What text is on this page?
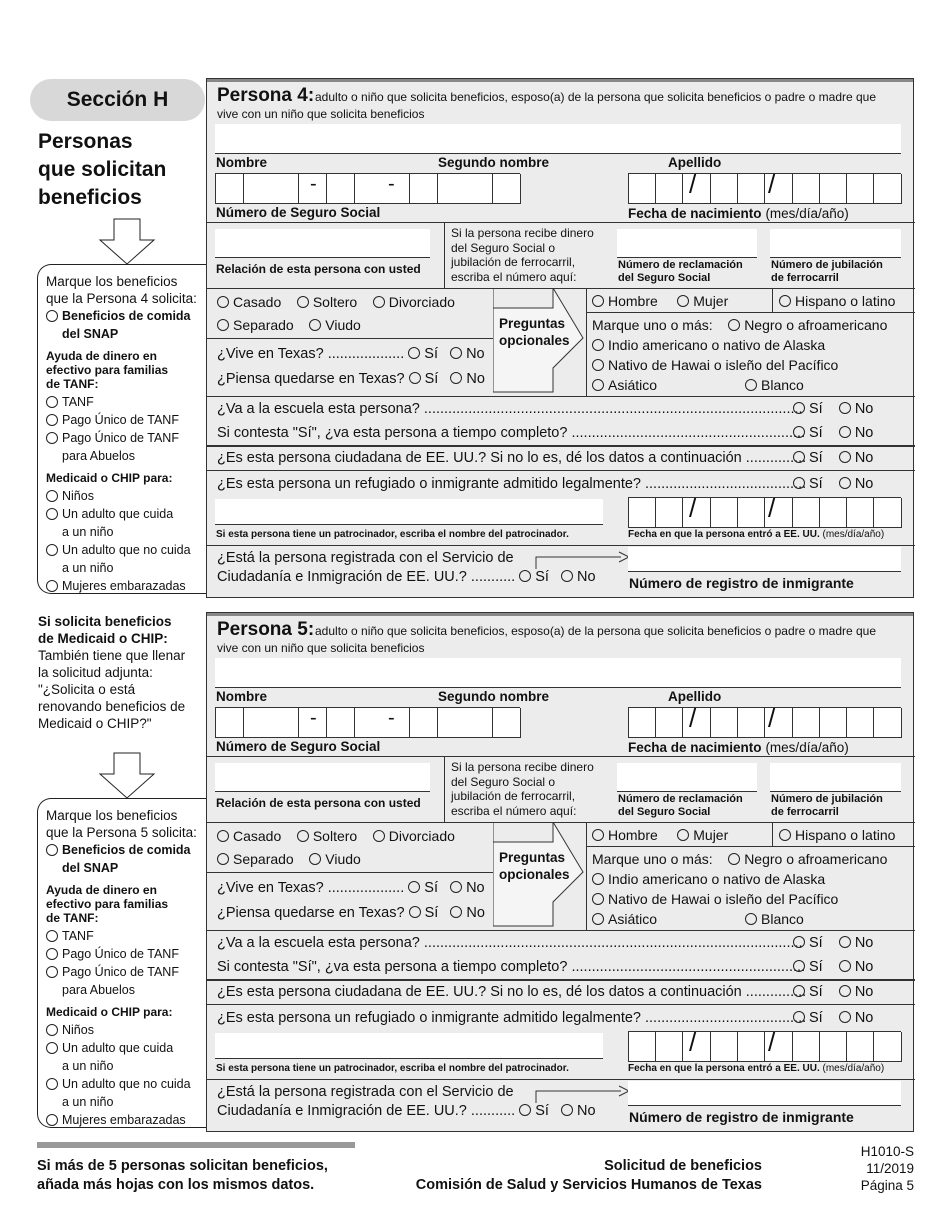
Sección H
Personas
que solicitan
beneficios
Marque los beneficios
que la Persona 4 solicita:
Beneficios de comida
del SNAP
Ayuda de dinero en
efectivo para familias
de TANF:
TANF
Pago Único de TANF
Pago Único de TANF
para Abuelos
Medicaid o CHIP para:
Niños
Un adulto que cuida
a un niño
Un adulto que no cuida
a un niño
Mujeres embarazadas
Si solicita beneficios
de Medicaid o CHIP:
También tiene que llenar
la solicitud adjunta:
"¿Solicita o está
renovando beneficios de
Medicaid o CHIP?"
Marque los beneficios
que la Persona 5 solicita:
Beneficios de comida
del SNAP
Ayuda de dinero en
efectivo para familias
de TANF:
TANF
Pago Único de TANF
Pago Único de TANF
para Abuelos
Medicaid o CHIP para:
Niños
Un adulto que cuida
a un niño
Un adulto que no cuida
a un niño
Mujeres embarazadas
Persona 4: adulto o niño que solicita beneficios, esposo(a) de la persona que solicita beneficios o padre o madre que
vive con un niño que solicita beneficios
Nombre	Segundo nombre	Apellido
-	-
Número de Seguro Social
/	/
Fecha de nacimiento (mes/día/año)
Relación de esta persona con usted
Si la persona recibe dinero
del Seguro Social o
jubilación de ferrocarril,
escriba el número aquí:
Número de reclamación
del Seguro Social
Número de jubilación
de ferrocarril
Casado Soltero Divorciado
Separado Viudo
¿Vive en Texas? ................... Sí No
¿Piensa quedarse en Texas? Sí No
Preguntas
opcionales
Hombre	Mujer	Hispano o latino
Marque uno o más: Negro o afroamericano
Indio americano o nativo de Alaska
Nativo de Hawai o isleño del Pacífico
Asiático	Blanco
¿Va a la escuela esta persona? .............................................................................................. Sí No
Si contesta "Sí", ¿va esta persona a tiempo completo? .......................................................... Sí No
¿Es esta persona ciudadana de EE. UU.? Si no lo es, dé los datos a continuación ............... Sí No
¿Es esta persona un refugiado o inmigrante admitido legalmente? ........................................ Sí No
Si esta persona tiene un patrocinador, escriba el nombre del patrocinador.
/	/
Fecha en que la persona entró a EE. UU. (mes/día/año)
¿Está la persona registrada con el Servicio de
Ciudadanía e Inmigración de EE. UU.? ........... Sí No Número de registro de inmigrante
Persona 5: adulto o niño que solicita beneficios, esposo(a) de la persona que solicita beneficios o padre o madre que
vive con un niño que solicita beneficios
Nombre	Segundo nombre	Apellido
-	-
Número de Seguro Social
/	/
Fecha de nacimiento (mes/día/año)
Relación de esta persona con usted
Si la persona recibe dinero
del Seguro Social o
jubilación de ferrocarril,
escriba el número aquí:
Número de reclamación
del Seguro Social
Número de jubilación
de ferrocarril
Casado Soltero Divorciado
Separado Viudo
¿Vive en Texas? ................... Sí No
¿Piensa quedarse en Texas? Sí No
Preguntas
opcionales
Hombre	Mujer	Hispano o latino
Marque uno o más: Negro o afroamericano
Indio americano o nativo de Alaska
Nativo de Hawai o isleño del Pacífico
Asiático	Blanco
¿Va a la escuela esta persona? .............................................................................................. Sí No
Si contesta "Sí", ¿va esta persona a tiempo completo? .......................................................... Sí No
¿Es esta persona ciudadana de EE. UU.? Si no lo es, dé los datos a continuación ............... Sí No
¿Es esta persona un refugiado o inmigrante admitido legalmente? ........................................ Sí No
Si esta persona tiene un patrocinador, escriba el nombre del patrocinador.
/	/
Fecha en que la persona entró a EE. UU. (mes/día/año)
¿Está la persona registrada con el Servicio de
Ciudadanía e Inmigración de EE. UU.? ........... Sí No Número de registro de inmigrante
Si más de 5 personas solicitan beneficios,
añada más hojas con los mismos datos.
Solicitud de beneficios
Comisión de Salud y Servicios Humanos de Texas
H1010-S
11/2019
Página 5
